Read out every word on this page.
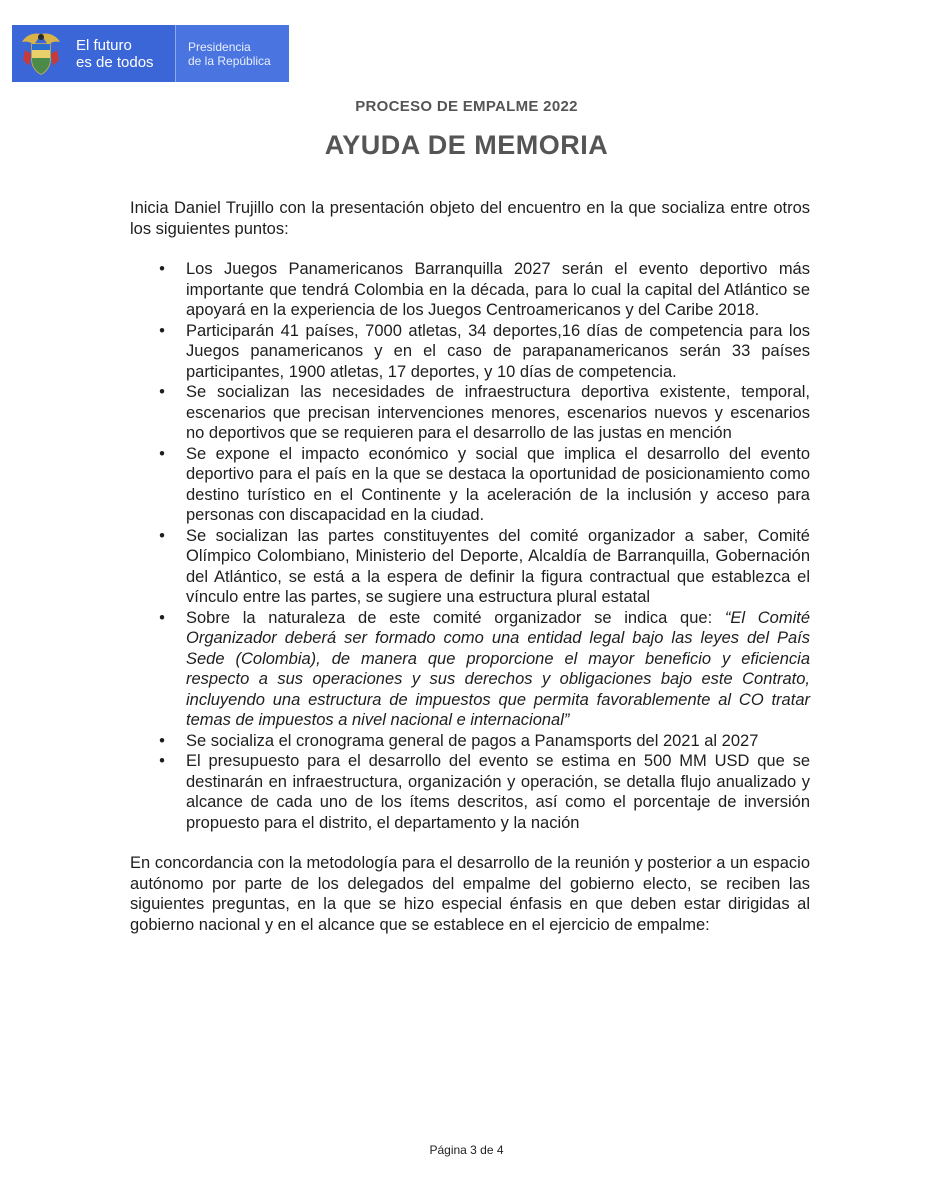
El futuro
es de todos
Presidencia
de la República
PROCESO DE EMPALME 2022
AYUDA DE MEMORIA

Inicia Daniel Trujillo con la presentación objeto del encuentro en la que socializa entre otros los siguientes puntos:

• Los Juegos Panamericanos Barranquilla 2027 serán el evento deportivo más importante que tendrá Colombia en la década, para lo cual la capital del Atlántico se apoyará en la experiencia de los Juegos Centroamericanos y del Caribe 2018.
• Participarán 41 países, 7000 atletas, 34 deportes,16 días de competencia para los Juegos panamericanos y en el caso de parapanamericanos serán 33 países participantes, 1900 atletas, 17 deportes, y 10 días de competencia.
• Se socializan las necesidades de infraestructura deportiva existente, temporal, escenarios que precisan intervenciones menores, escenarios nuevos y escenarios no deportivos que se requieren para el desarrollo de las justas en mención
• Se expone el impacto económico y social que implica el desarrollo del evento deportivo para el país en la que se destaca la oportunidad de posicionamiento como destino turístico en el Continente y la aceleración de la inclusión y acceso para personas con discapacidad en la ciudad.
• Se socializan las partes constituyentes del comité organizador a saber, Comité Olímpico Colombiano, Ministerio del Deporte, Alcaldía de Barranquilla, Gobernación del Atlántico, se está a la espera de definir la figura contractual que establezca el vínculo entre las partes, se sugiere una estructura plural estatal
• Sobre la naturaleza de este comité organizador se indica que: “El Comité Organizador deberá ser formado como una entidad legal bajo las leyes del País Sede (Colombia), de manera que proporcione el mayor beneficio y eficiencia respecto a sus operaciones y sus derechos y obligaciones bajo este Contrato, incluyendo una estructura de impuestos que permita favorablemente al CO tratar temas de impuestos a nivel nacional e internacional”
• Se socializa el cronograma general de pagos a Panamsports del 2021 al 2027
• El presupuesto para el desarrollo del evento se estima en 500 MM USD que se destinarán en infraestructura, organización y operación, se detalla flujo anualizado y alcance de cada uno de los ítems descritos, así como el porcentaje de inversión propuesto para el distrito, el departamento y la nación

En concordancia con la metodología para el desarrollo de la reunión y posterior a un espacio autónomo por parte de los delegados del empalme del gobierno electo, se reciben las siguientes preguntas, en la que se hizo especial énfasis en que deben estar dirigidas al gobierno nacional y en el alcance que se establece en el ejercicio de empalme:

Página 3 de 4
